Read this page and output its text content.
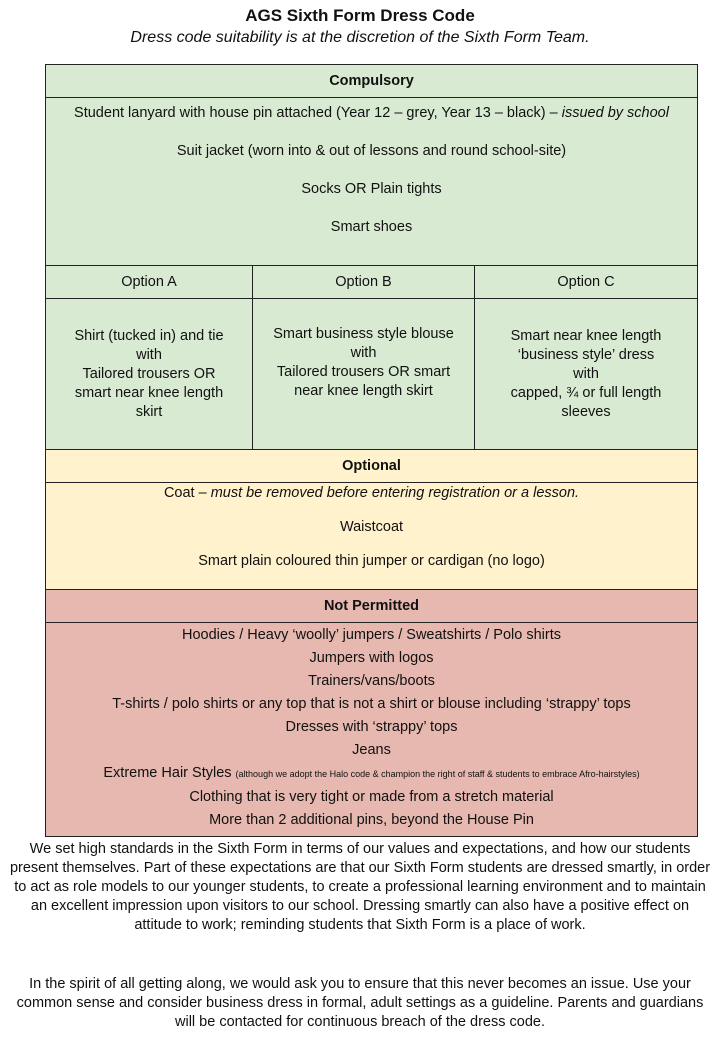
AGS Sixth Form Dress Code
Dress code suitability is at the discretion of the Sixth Form Team.
Compulsory
Student lanyard with house pin attached (Year 12 – grey, Year 13 – black) – issued by school
Suit jacket (worn into & out of lessons and round school-site)
Socks OR Plain tights
Smart shoes
Option A	Option B	Option C
Shirt (tucked in) and tie
with
Tailored trousers OR
smart near knee length
skirt
Smart business style blouse
with
Tailored trousers OR smart
near knee length skirt
Smart near knee length
‘business style’ dress
with
capped, ¾ or full length
sleeves
Optional
Coat – must be removed before entering registration or a lesson.
Waistcoat
Smart plain coloured thin jumper or cardigan (no logo)
Not Permitted
Hoodies / Heavy ‘woolly’ jumpers / Sweatshirts / Polo shirts
Jumpers with logos
Trainers/vans/boots
T-shirts / polo shirts or any top that is not a shirt or blouse including ‘strappy’ tops
Dresses with ‘strappy’ tops
Jeans
Extreme Hair Styles (although we adopt the Halo code & champion the right of staff & students to embrace Afro-hairstyles)
Clothing that is very tight or made from a stretch material
More than 2 additional pins, beyond the House Pin
We set high standards in the Sixth Form in terms of our values and expectations, and how our students present themselves. Part of these expectations are that our Sixth Form students are dressed smartly, in order to act as role models to our younger students, to create a professional learning environment and to maintain an excellent impression upon visitors to our school. Dressing smartly can also have a positive effect on attitude to work; reminding students that Sixth Form is a place of work.
In the spirit of all getting along, we would ask you to ensure that this never becomes an issue. Use your common sense and consider business dress in formal, adult settings as a guideline. Parents and guardians will be contacted for continuous breach of the dress code.
